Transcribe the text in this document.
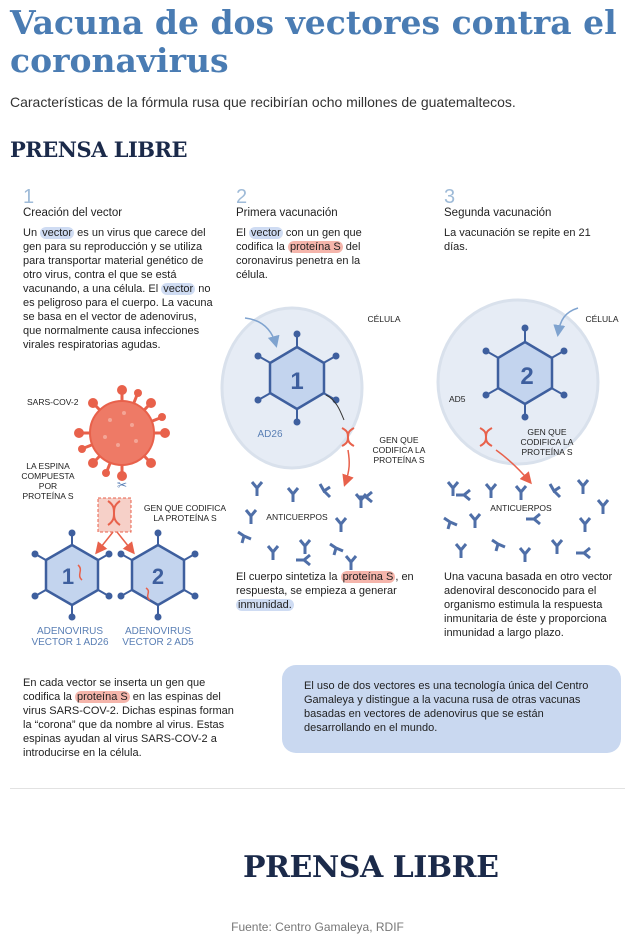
Vacuna de dos vectores contra el coronavirus
Características de la fórmula rusa que recibirían ocho millones de guatemaltecos.
PRENSA LIBRE
1
Creación del vector
2
Primera vacunación
3
Segunda vacunación
Un vector es un virus que carece del gen para su reproducción y se utiliza para transportar material genético de otro virus, contra el que se está vacunando, a una célula. El vector no es peligroso para el cuerpo. La vacuna se basa en el vector de adenovirus, que normalmente causa infecciones virales respiratorias agudas.
El vector con un gen que codifica la proteína S del coronavirus penetra en la célula.
La vacunación se repite en 21 días.
✂
1	2
1	2
SARS-COV-2
LA ESPINA COMPUESTA POR PROTEÍNA S
GEN QUE CODIFICA LA PROTEÍNA S
ADENOVIRUS VECTOR 1 AD26
ADENOVIRUS VECTOR 2 AD5
CÉLULA
AD26	GEN QUE CODIFICA LA PROTEÍNA S
ANTICUERPOS
CÉLULA
AD5
GEN QUE CODIFICA LA PROTEÍNA S
ANTICUERPOS
En cada vector se inserta un gen que codifica la proteína S en las espinas del virus SARS-COV-2. Dichas espinas forman la “corona” que da nombre al virus. Estas espinas ayudan al virus SARS-COV-2 a introducirse en la célula.
El cuerpo sintetiza la proteína S , en respuesta, se empieza a generar inmunidad.
Una vacuna basada en otro vector adenoviral desconocido para el organismo estimula la respuesta inmunitaria de éste y proporciona inmunidad a largo plazo.
El uso de dos vectores es una tecnología única del Centro Gamaleya y distingue a la vacuna rusa de otras vacunas basadas en vectores de adenovirus que se están desarrollando en el mundo.
PRENSA LIBRE
Fuente: Centro Gamaleya, RDIF
